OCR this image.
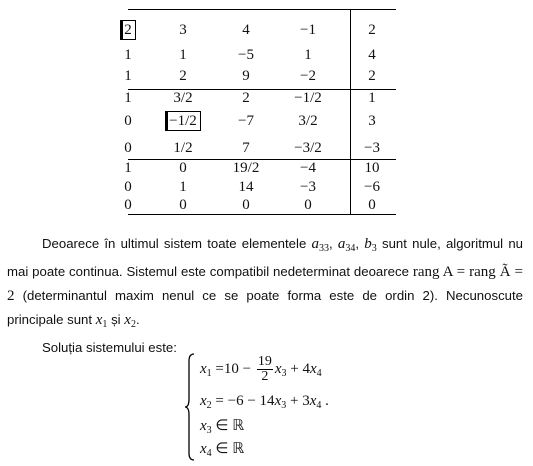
2	3	4	−1	2
1	1	−5	1	4
1	2	9	−2	2
1	3/2	2	−1/2	1
0	−1/2	−7	3/2	3
0	1/2	7	−3/2	−3
1	0	19/2	−4	10
0	1	14	−3	−6
0	0	0	0	0

Deoarece în ultimul sistem toate elementele $a_{33}$, $a_{34}$, $b_3$ sunt nule, algoritmul nu mai poate continua. Sistemul este compatibil nedeterminat deoarece rang A = rang Ã = 2 (determinantul maxim nenul ce se poate forma este de ordin 2). Necunoscute principale sunt $x_1$ și $x_2$.

Soluția sistemului este:

$x_1 =10 - \frac{19}{2} x_3 + 4x_4$
$x_2 = -6 - 14x_3 + 3x_4$ .
$x_3$ ∈ ℝ
$x_4$ ∈ ℝ
